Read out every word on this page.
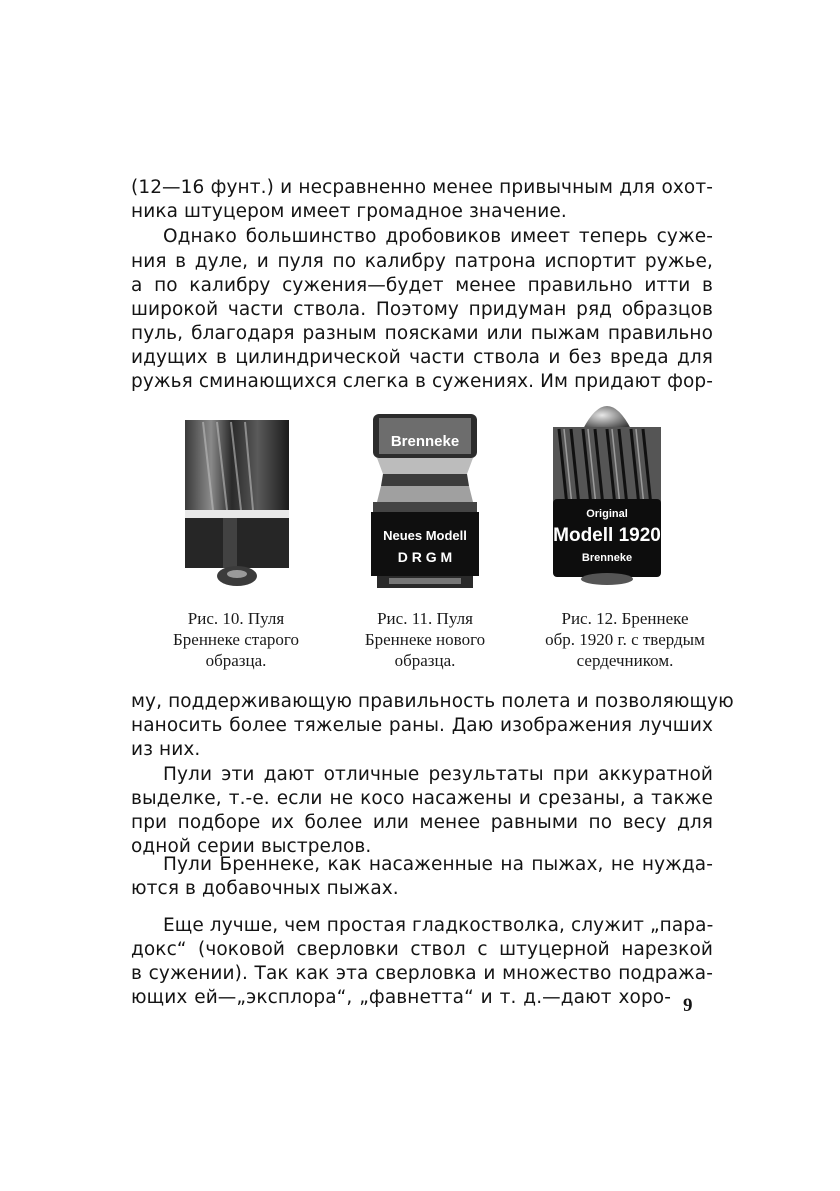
(12—16 фунт.) и несравненно менее привычным для охот-
ника штуцером имеет громадное значение.
Однако большинство дробовиков имеет теперь суже-
ния в дуле, и пуля по калибру патрона испортит ружье,
а по калибру сужения—будет менее правильно итти в
широкой части ствола. Поэтому придуман ряд образцов
пуль, благодаря разным поясками или пыжам правильно
идущих в цилиндрической части ствола и без вреда для
ружья сминающихся слегка в сужениях. Им придают фор-
Brenneke
Neues Modell
D R G M
Original
Modell 1920
Brenneke
Рис. 10. Пуля
Бреннеке старого
образца.
Рис. 11. Пуля
Бреннеке нового
образца.
Рис. 12. Бреннеке
обр. 1920 г. с твердым
сердечником.
му, поддерживающую правильность полета и позволяющую
наносить более тяжелые раны. Даю изображения лучших
из них.
Пули эти дают отличные результаты при аккуратной
выделке, т.-е. если не косо насажены и срезаны, а также
при подборе их более или менее равными по весу для
одной серии выстрелов.
Пули Бреннеке, как насаженные на пыжах, не нужда-
ются в добавочных пыжах.
Еще лучше, чем простая гладкостволка, служит „пара-
докс“ (чоковой сверловки ствол с штуцерной нарезкой
в сужении). Так как эта сверловка и множество подража-
ющих ей—„эксплора“, „фавнетта“ и т. д.—дают хоро- 9
